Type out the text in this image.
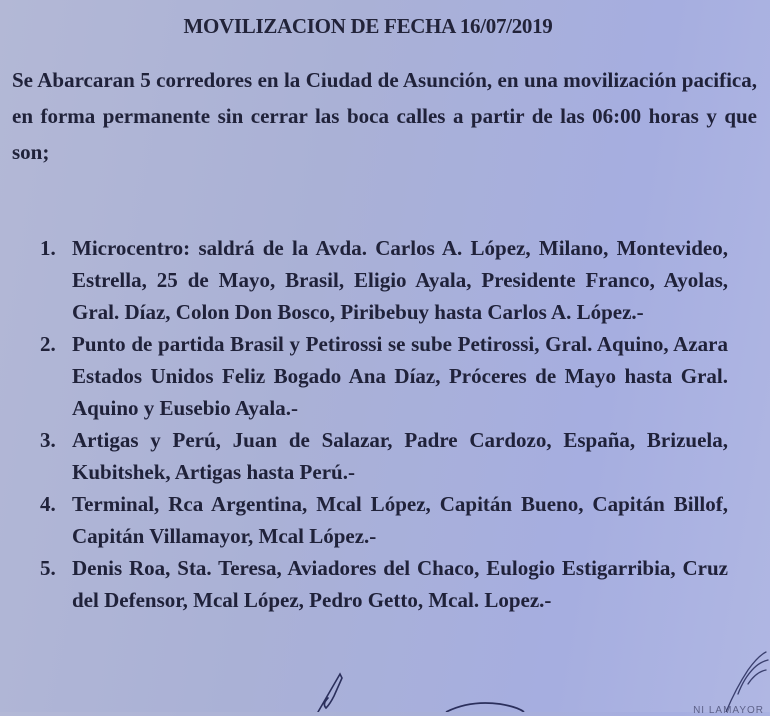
MOVILIZACION DE FECHA 16/07/2019
Se Abarcaran 5 corredores en la Ciudad de Asunción, en una movilización pacifica, en forma permanente sin cerrar las boca calles a partir de las 06:00 horas y que son;
1. Microcentro: saldrá de la Avda. Carlos A. López, Milano, Montevideo, Estrella, 25 de Mayo, Brasil, Eligio Ayala, Presidente Franco, Ayolas, Gral. Díaz, Colon Don Bosco, Piribebuy hasta Carlos A. López.-
2. Punto de partida Brasil y Petirossi se sube Petirossi, Gral. Aquino, Azara Estados Unidos Feliz Bogado Ana Díaz, Próceres de Mayo hasta Gral. Aquino y Eusebio Ayala.-
3. Artigas y Perú, Juan de Salazar, Padre Cardozo, España, Brizuela, Kubitshek, Artigas hasta Perú.-
4. Terminal, Rca Argentina, Mcal López, Capitán Bueno, Capitán Billof, Capitán Villamayor, Mcal López.-
5. Denis Roa, Sta. Teresa, Aviadores del Chaco, Eulogio Estigarribia, Cruz del Defensor, Mcal López, Pedro Getto, Mcal. Lopez.-
NI LAMAYOR
